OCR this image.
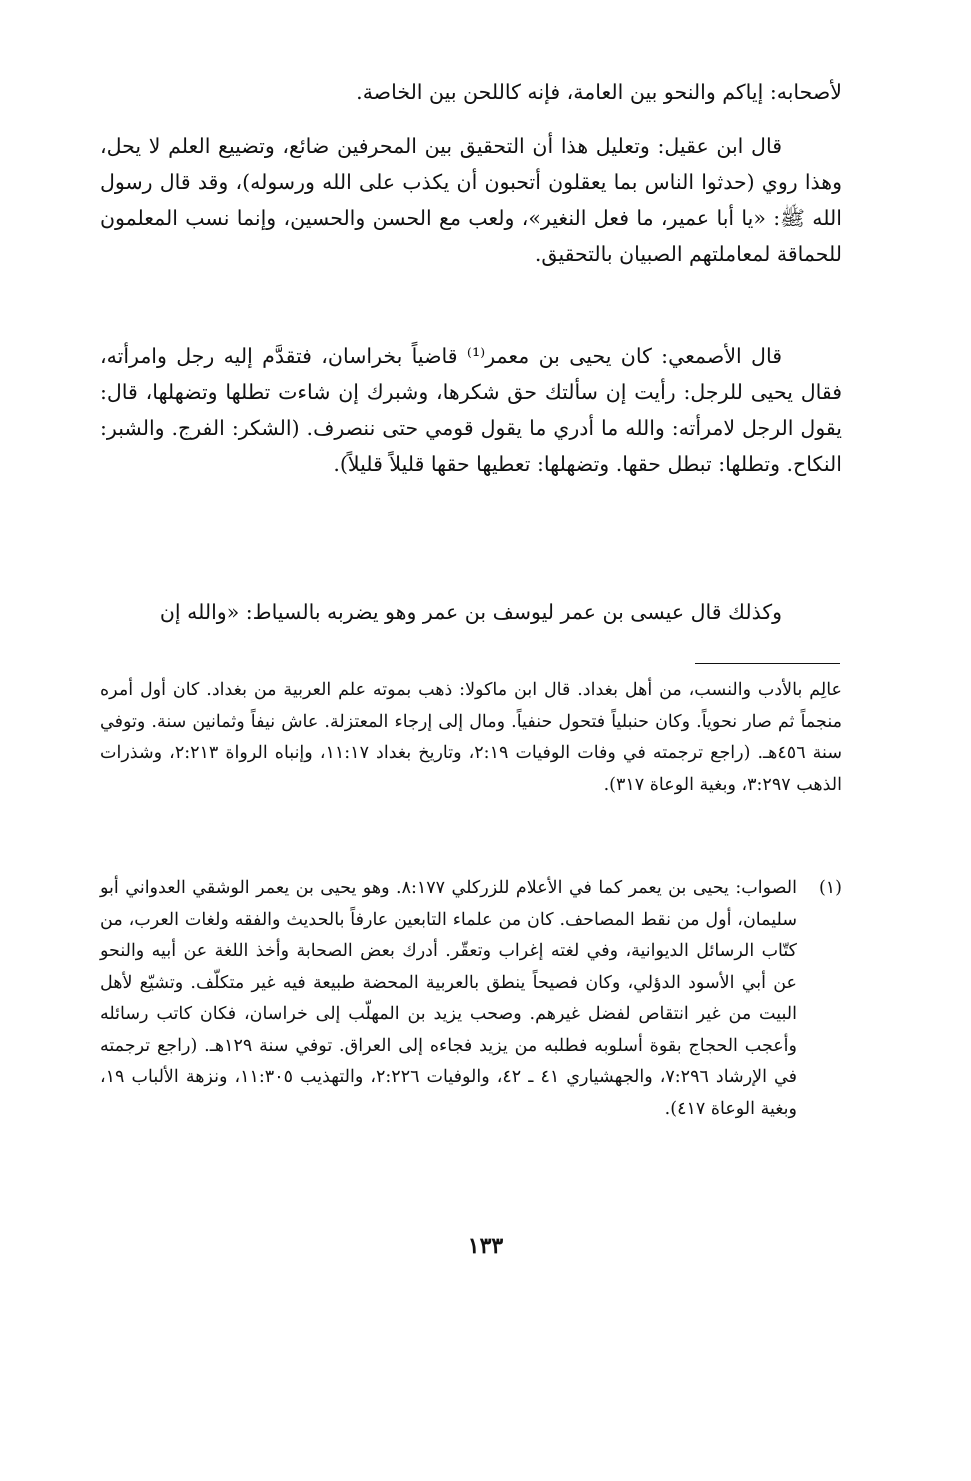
لأصحابه: إياكم والنحو بين العامة، فإنه كاللحن بين الخاصة.

قال ابن عقيل: وتعليل هذا أن التحقيق بين المحرفين ضائع، وتضييع العلم لا يحل، وهذا روي (حدثوا الناس بما يعقلون أتحبون أن يكذب على الله ورسوله)، وقد قال رسول الله ﷺ: «يا أبا عمير، ما فعل النغير»، ولعب مع الحسن والحسين، وإنما نسب المعلمون للحماقة لمعاملتهم الصبيان بالتحقيق.

قال الأصمعي: كان يحيى بن معمر⁽¹⁾ قاضياً بخراسان، فتقدَّم إليه رجل وامرأته، فقال يحيى للرجل: رأيت إن سألتك حق شكرها، وشبرك إن شاءت تطلها وتضهلها، قال: يقول الرجل لامرأته: والله ما أدري ما يقول قومي حتى ننصرف. (الشكر: الفرج. والشبر: النكاح. وتطلها: تبطل حقها. وتضهلها: تعطيها حقها قليلاً قليلاً).

وكذلك قال عيسى بن عمر ليوسف بن عمر وهو يضربه بالسياط: «والله إن

عالِم بالأدب والنسب، من أهل بغداد. قال ابن ماكولا: ذهب بموته علم العربية من بغداد. كان أول أمره منجماً ثم صار نحوياً. وكان حنبلياً فتحول حنفياً. ومال إلى إرجاء المعتزلة. عاش نيفاً وثمانين سنة. وتوفي سنة ٤٥٦هـ. (راجع ترجمته في وفات الوفيات ٢:١٩، وتاريخ بغداد ١١:١٧، وإنباه الرواة ٢:٢١٣، وشذرات الذهب ٣:٢٩٧، وبغية الوعاة ٣١٧).

(١)

الصواب: يحيى بن يعمر كما في الأعلام للزركلي ٨:١٧٧. وهو يحيى بن يعمر الوشقي العدواني أبو سليمان، أول من نقط المصاحف. كان من علماء التابعين عارفاً بالحديث والفقه ولغات العرب، من كتّاب الرسائل الديوانية، وفي لغته إغراب وتعقّر. أدرك بعض الصحابة وأخذ اللغة عن أبيه والنحو عن أبي الأسود الدؤلي، وكان فصيحاً ينطق بالعربية المحضة طبيعة فيه غير متكلّف. وتشيّع لأهل البيت من غير انتقاص لفضل غيرهم. وصحب يزيد بن المهلّب إلى خراسان، فكان كاتب رسائله وأعجب الحجاج بقوة أسلوبه فطلبه من يزيد فجاءه إلى العراق. توفي سنة ١٢٩هـ. (راجع ترجمته في الإرشاد ٧:٢٩٦، والجهشياري ٤١ ـ ٤٢، والوفيات ٢:٢٢٦، والتهذيب ١١:٣٠٥، ونزهة الألباب ١٩، وبغية الوعاة ٤١٧).

١٣٣
